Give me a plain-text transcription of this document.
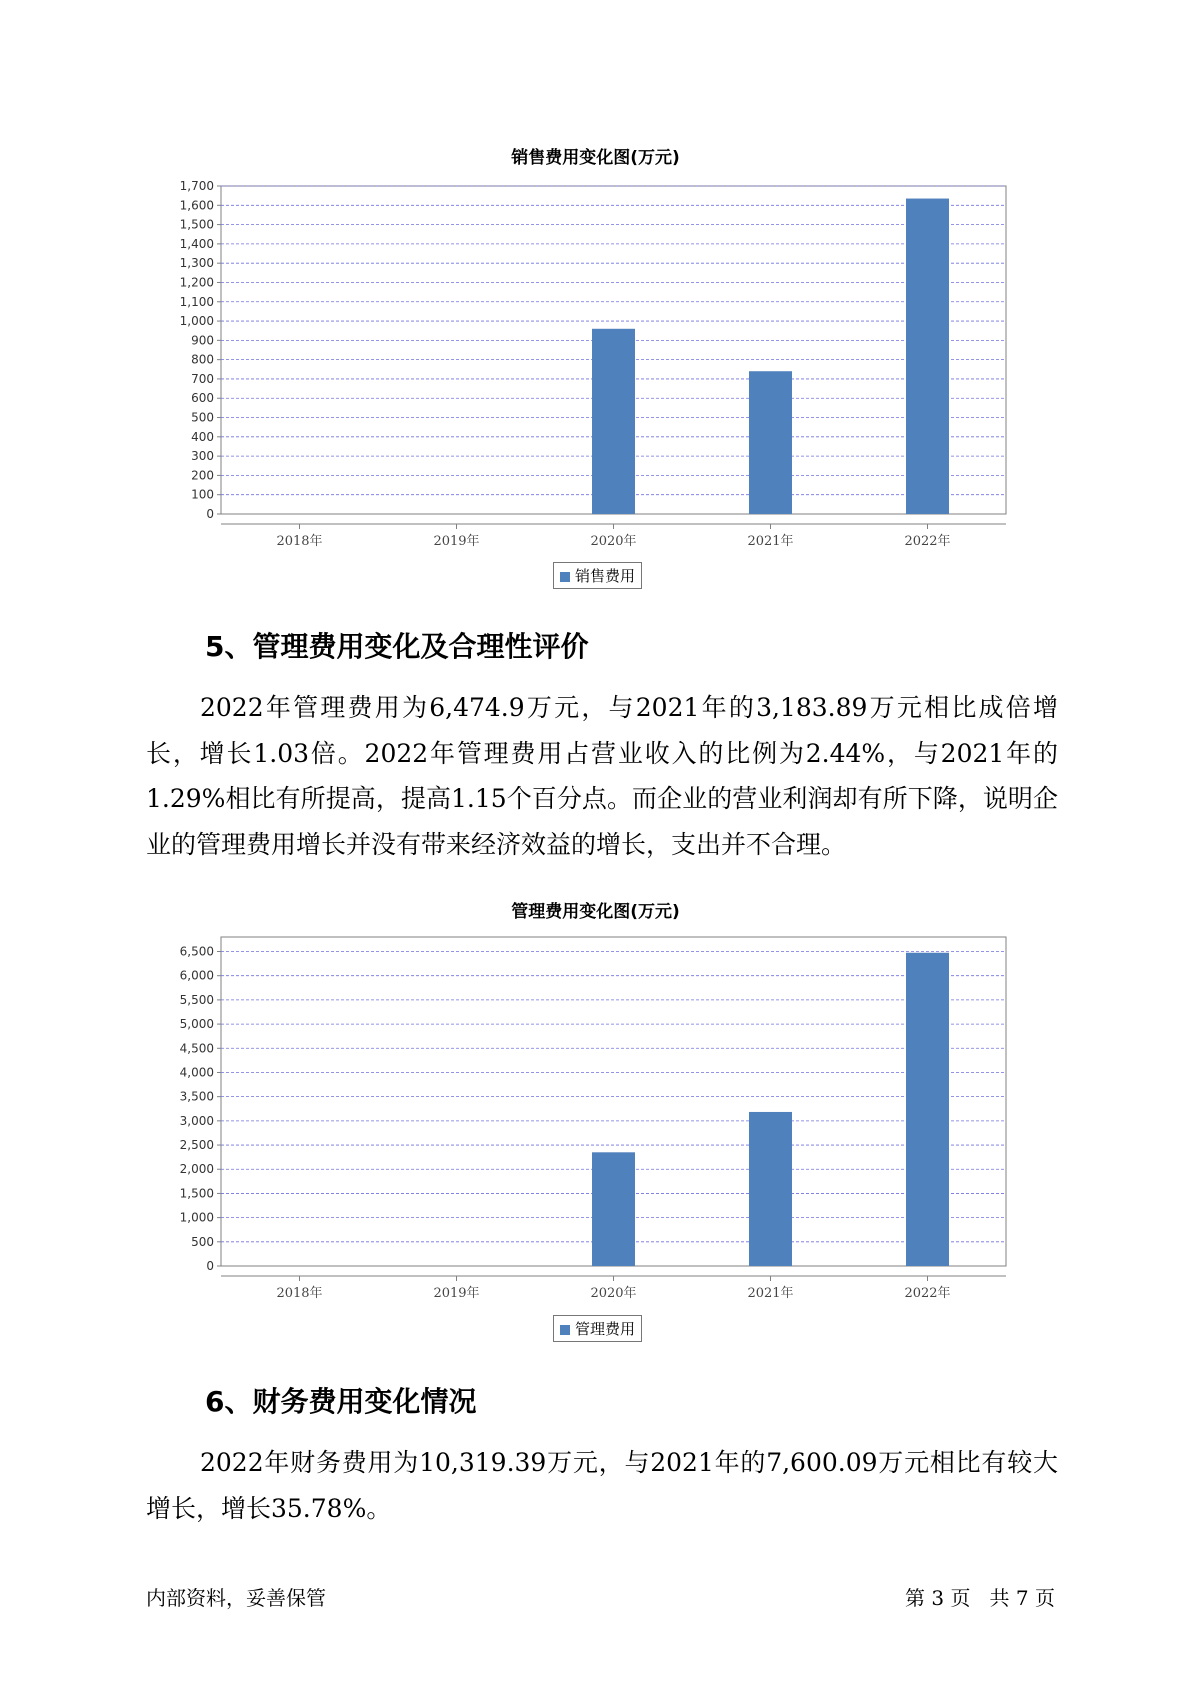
销售费用变化图(万元)
0
100
200
300
400
500
600
700
800
900
1,000
1,100
1,200
1,300
1,400
1,500
1,600
1,700
2018年	2019年	2020年	2021年	2022年
销售费用
5、管理费用变化及合理性评价
2022年管理费用为6,474.9万元，与2021年的3,183.89万元相比成倍增长，增长1.03倍。2022年管理费用占营业收入的比例为2.44%，与2021年的1.29%相比有所提高，提高1.15个百分点。而企业的营业利润却有所下降，说明企业的管理费用增长并没有带来经济效益的增长，支出并不合理。
管理费用变化图(万元)
0
500
1,000
1,500
2,000
2,500
3,000
3,500
4,000
4,500
5,000
5,500
6,000
6,500
2018年	2019年	2020年	2021年	2022年
管理费用
6、财务费用变化情况
2022年财务费用为10,319.39万元，与2021年的7,600.09万元相比有较大增长，增长35.78%。
内部资料，妥善保管	第 3 页 共 7 页
